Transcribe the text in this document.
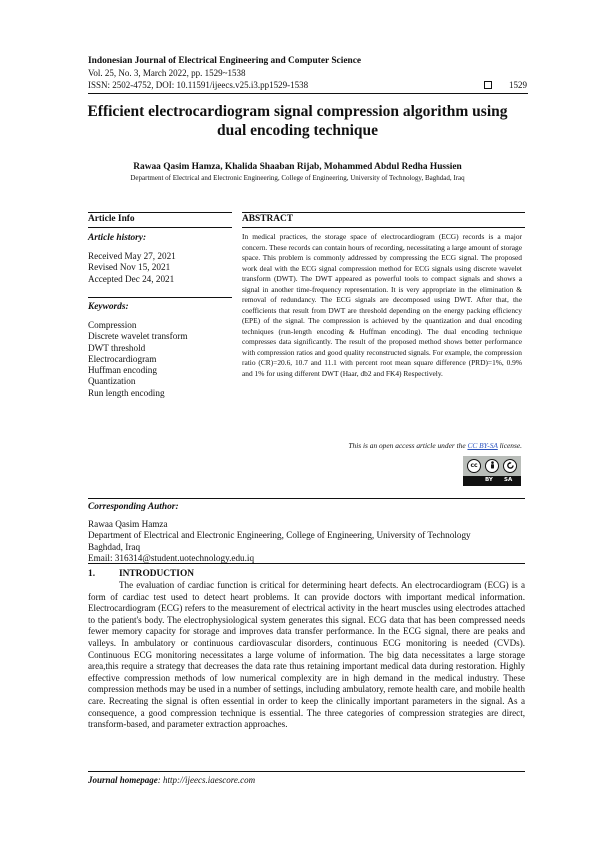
Indonesian Journal of Electrical Engineering and Computer Science
Vol. 25, No. 3, March 2022, pp. 1529~1538
ISSN: 2502-4752, DOI: 10.11591/ijeecs.v25.i3.pp1529-1538	1529
Efficient electrocardiogram signal compression algorithm using
dual encoding technique
Rawaa Qasim Hamza, Khalida Shaaban Rijab, Mohammed Abdul Redha Hussien
Department of Electrical and Electronic Engineering, College of Engineering, University of Technology, Baghdad, Iraq
Article Info
Article history:
Received May 27, 2021
Revised Nov 15, 2021
Accepted Dec 24, 2021
Keywords:
Compression
Discrete wavelet transform
DWT threshold
Electrocardiogram
Huffman encoding
Quantization
Run length encoding
ABSTRACT
In medical practices, the storage space of electrocardiogram (ECG) records is a major concern. These records can contain hours of recording, necessitating a large amount of storage space. This problem is commonly addressed by compressing the ECG signal. The proposed work deal with the ECG signal compression method for ECG signals using discrete wavelet transform (DWT). The DWT appeared as powerful tools to compact signals and shows a signal in another time-frequency representation. It is very appropriate in the elimination & removal of redundancy. The ECG signals are decomposed using DWT. After that, the coefficients that result from DWT are threshold depending on the energy packing efficiency (EPE) of the signal. The compression is achieved by the quantization and dual encoding techniques (run-length encoding & Huffman encoding). The dual encoding technique compresses data significantly. The result of the proposed method shows better performance with compression ratios and good quality reconstructed signals. For example, the compression ratio (CR)=20.6, 10.7 and 11.1 with percent root mean square difference (PRD)=1%, 0.9% and 1% for using different DWT (Haar, db2 and FK4) Respectively.
This is an open access article under the CC BY-SA license.
cc
BY SA
Corresponding Author:
Rawaa Qasim Hamza
Department of Electrical and Electronic Engineering, College of Engineering, University of Technology
Baghdad, Iraq
Email: 316314@student.uotechnology.edu.iq
1.	INTRODUCTION
The evaluation of cardiac function is critical for determining heart defects. An electrocardiogram (ECG) is a form of cardiac test used to detect heart problems. It can provide doctors with important medical information. Electrocardiogram (ECG) refers to the measurement of electrical activity in the heart muscles using electrodes attached to the patient's body. The electrophysiological system generates this signal. ECG data that has been compressed needs fewer memory capacity for storage and improves data transfer performance. In the ECG signal, there are peaks and valleys. In ambulatory or continuous cardiovascular disorders, continuous ECG monitoring is needed (CVDs). Continuous ECG monitoring necessitates a large volume of information. The big data necessitates a large storage area,this require a strategy that decreases the data rate thus retaining important medical data during restoration. Highly effective compression methods of low numerical complexity are in high demand in the medical industry. These compression methods may be used in a number of settings, including ambulatory, remote health care, and mobile health care. Recreating the signal is often essential in order to keep the clinically important parameters in the signal. As a consequence, a good compression technique is essential. The three categories of compression strategies are direct, transform-based, and parameter extraction approaches.
Journal homepage: http://ijeecs.iaescore.com
